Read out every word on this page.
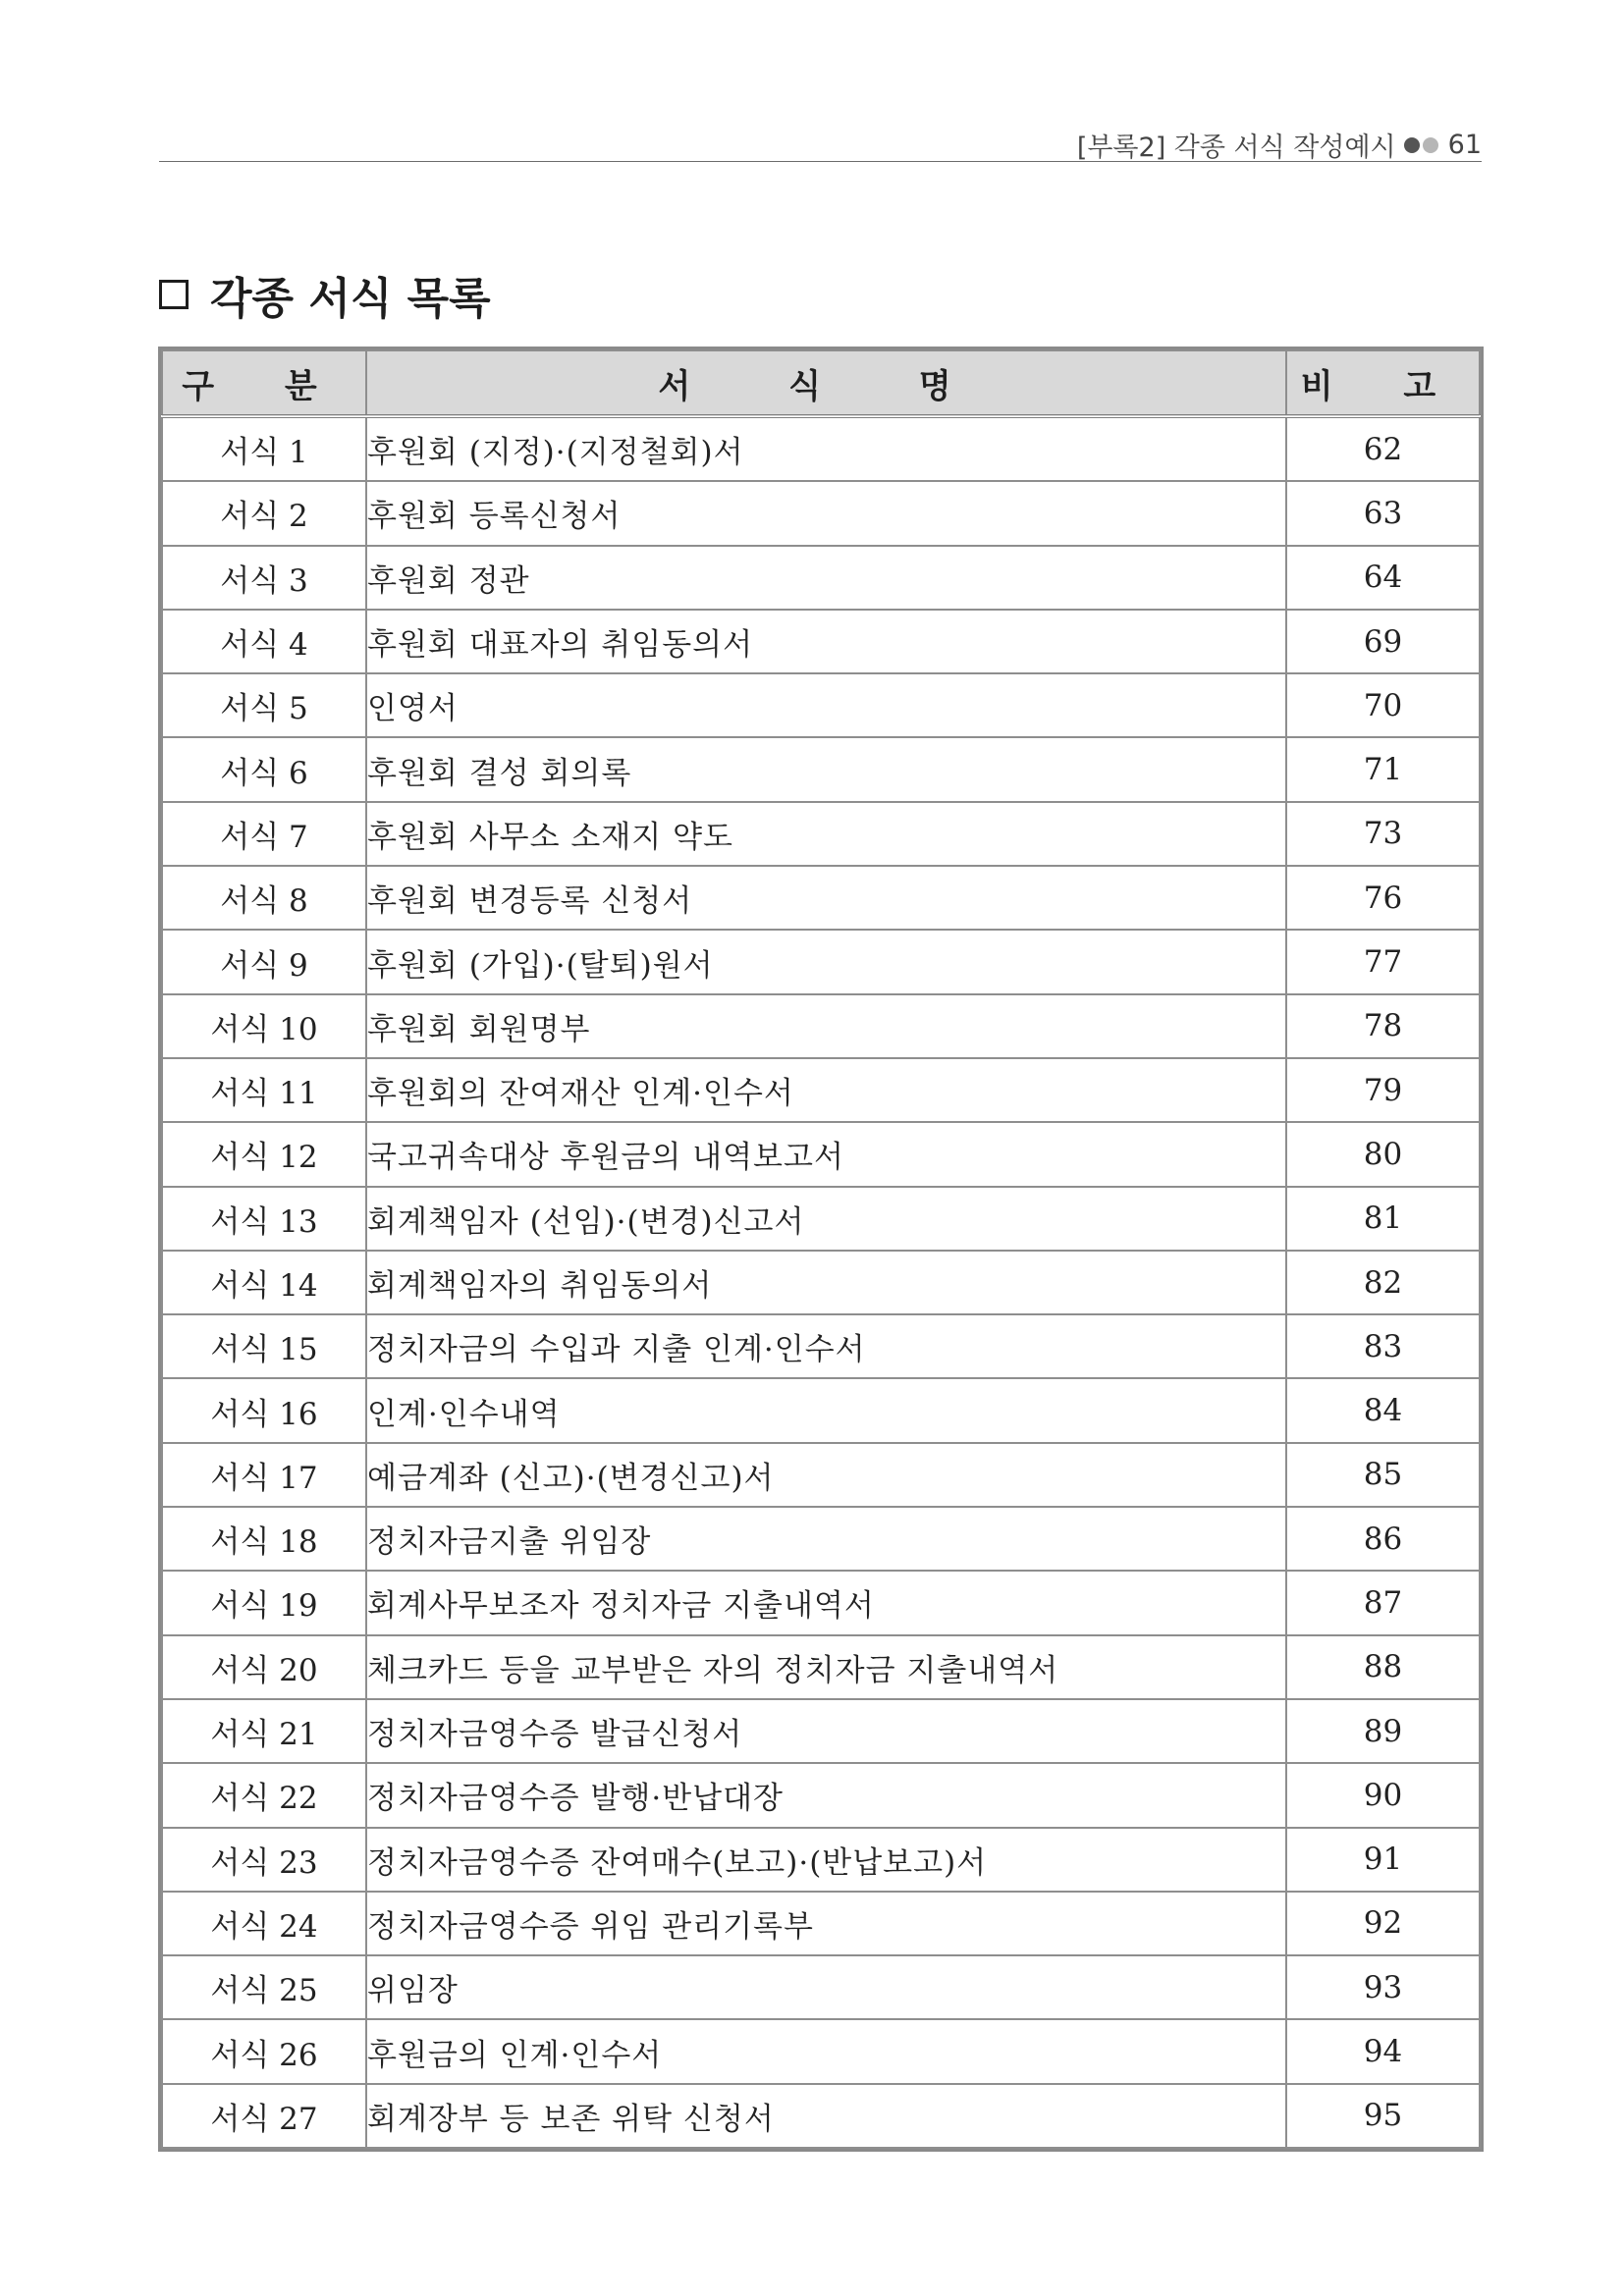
[부록2] 각종 서식 작성예시 61
각종 서식 목록
구 분	서 식 명	비 고
서식 1	후원회 (지정)·(지정철회)서	62
서식 2	후원회 등록신청서	63
서식 3	후원회 정관	64
서식 4	후원회 대표자의 취임동의서	69
서식 5	인영서	70
서식 6	후원회 결성 회의록	71
서식 7	후원회 사무소 소재지 약도	73
서식 8	후원회 변경등록 신청서	76
서식 9	후원회 (가입)·(탈퇴)원서	77
서식 10	후원회 회원명부	78
서식 11	후원회의 잔여재산 인계·인수서	79
서식 12	국고귀속대상 후원금의 내역보고서	80
서식 13	회계책임자 (선임)·(변경)신고서	81
서식 14	회계책임자의 취임동의서	82
서식 15	정치자금의 수입과 지출 인계·인수서	83
서식 16	인계·인수내역	84
서식 17	예금계좌 (신고)·(변경신고)서	85
서식 18	정치자금지출 위임장	86
서식 19	회계사무보조자 정치자금 지출내역서	87
서식 20	체크카드 등을 교부받은 자의 정치자금 지출내역서	88
서식 21	정치자금영수증 발급신청서	89
서식 22	정치자금영수증 발행·반납대장	90
서식 23	정치자금영수증 잔여매수(보고)·(반납보고)서	91
서식 24	정치자금영수증 위임 관리기록부	92
서식 25	위임장	93
서식 26	후원금의 인계·인수서	94
서식 27	회계장부 등 보존 위탁 신청서	95
